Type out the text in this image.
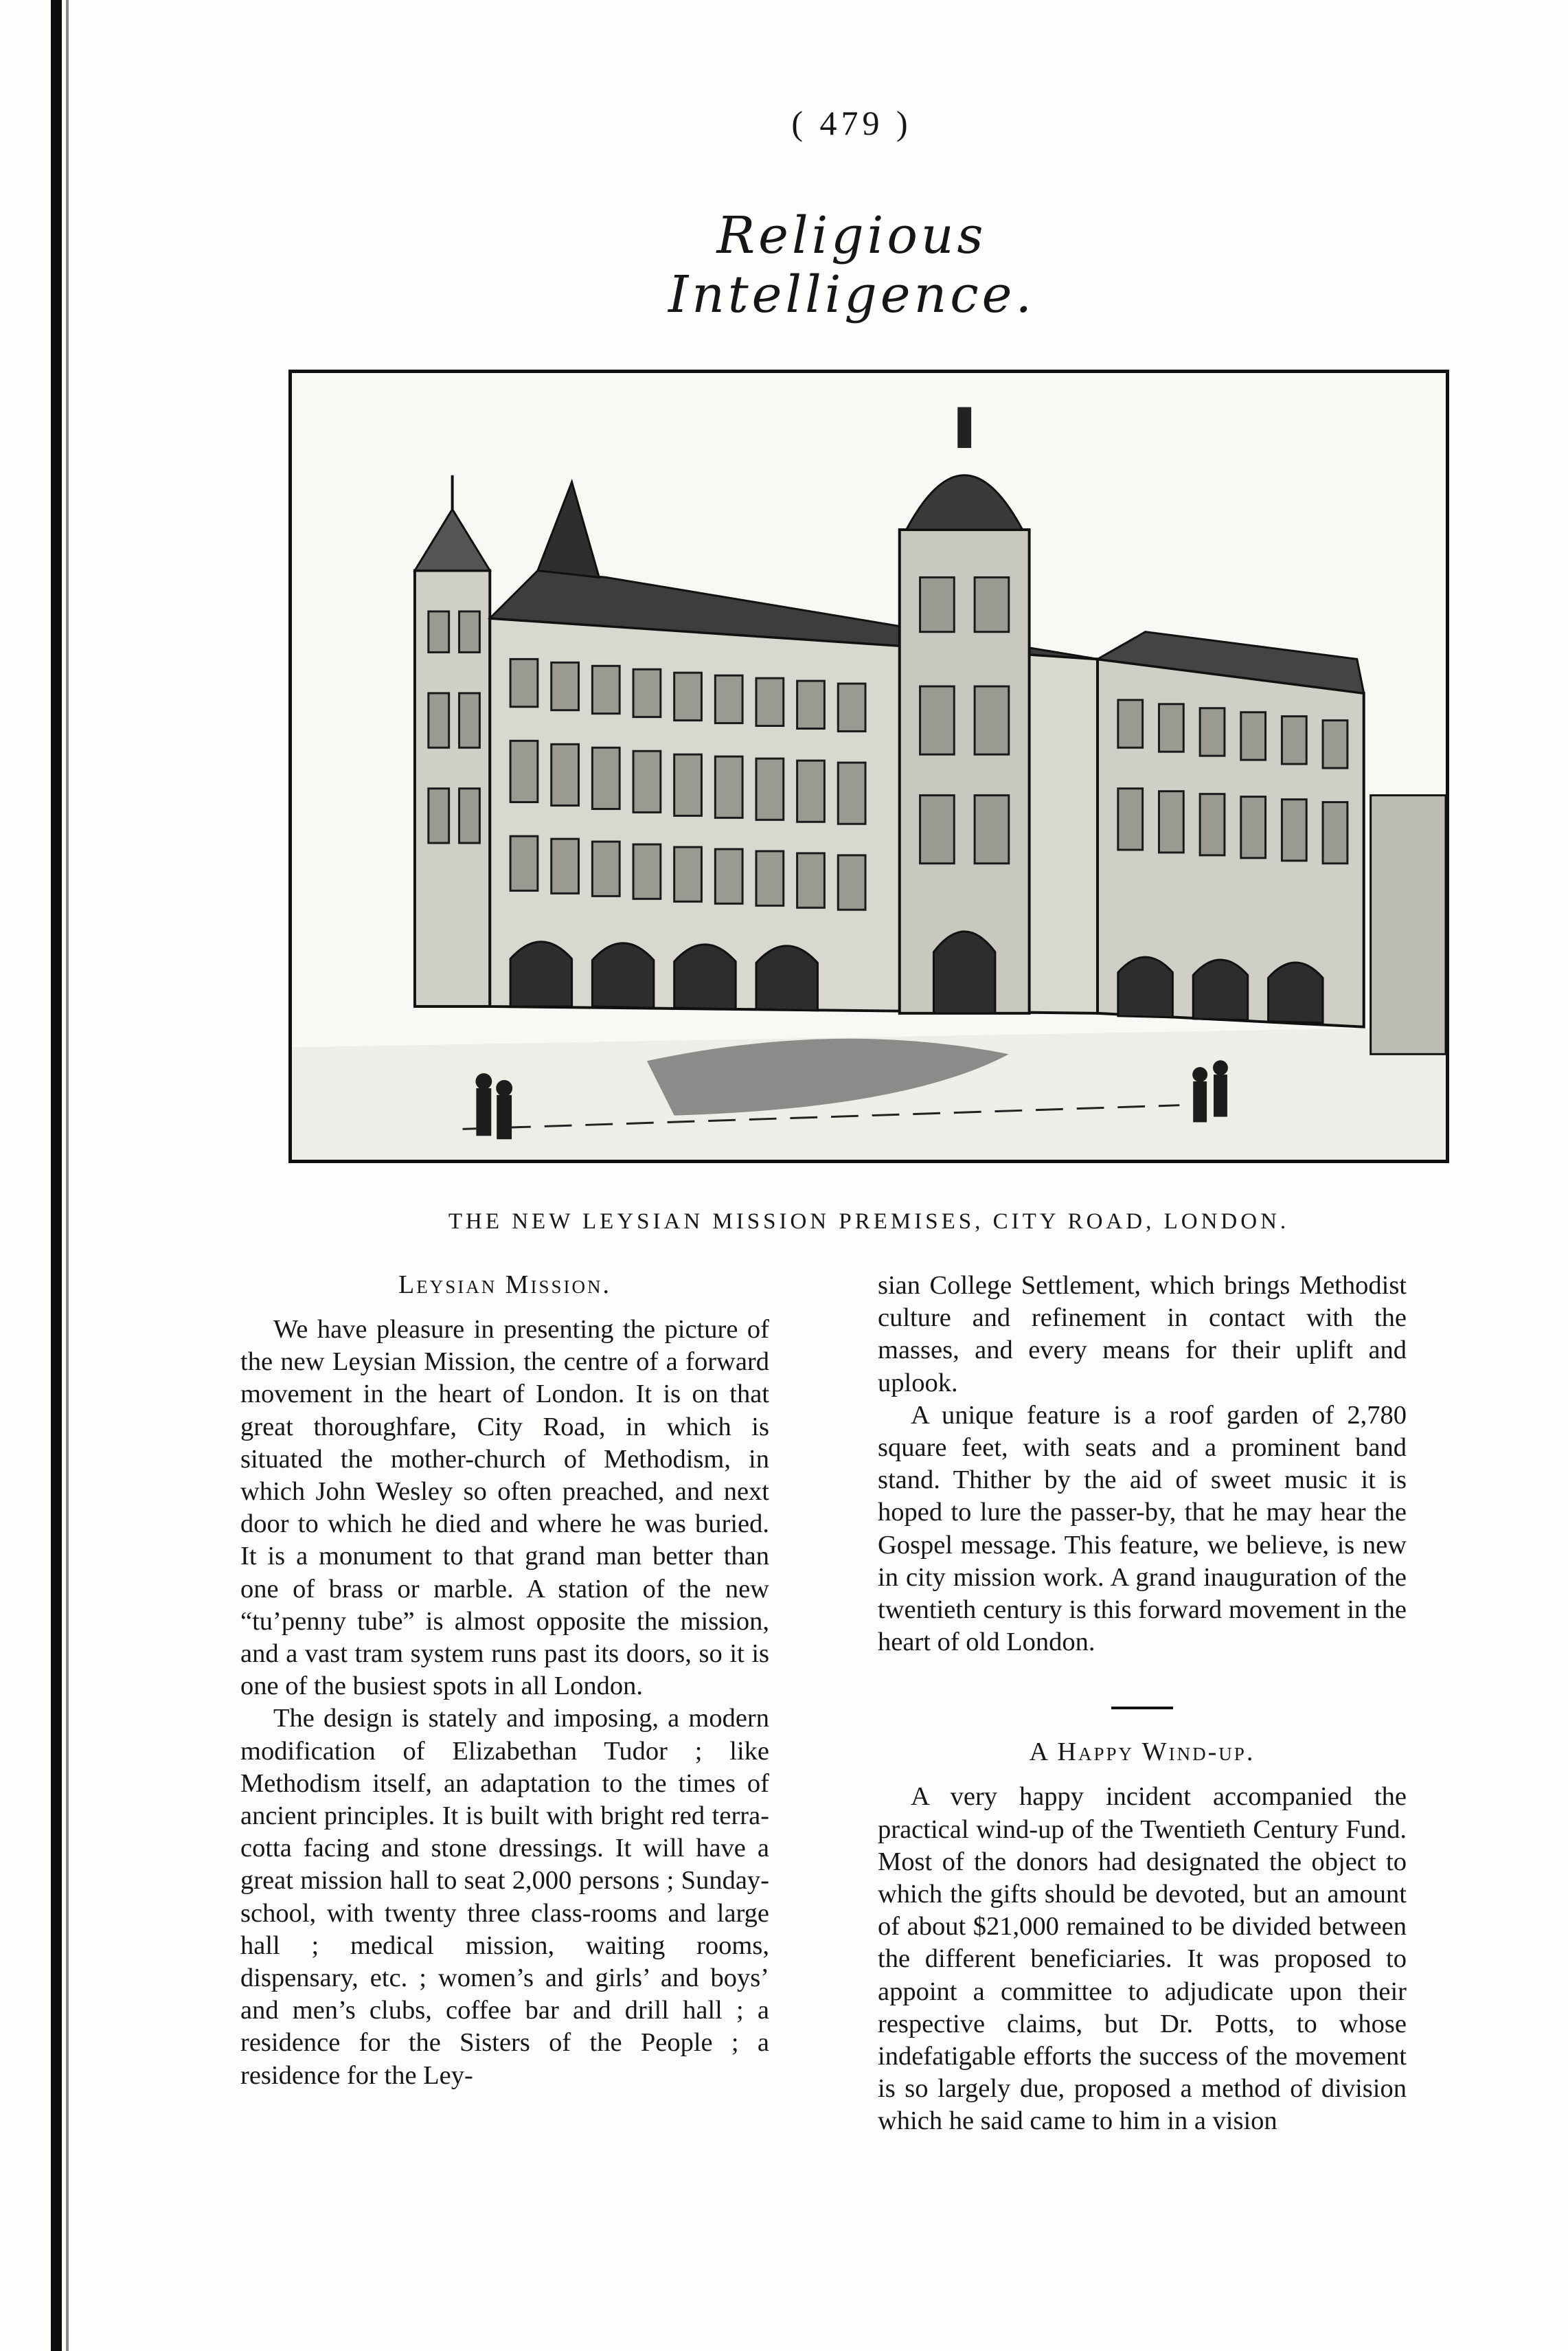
( 479 )
Religious Intelligence.
THE NEW LEYSIAN MISSION PREMISES, CITY ROAD, LONDON.
Leysian Mission.

We have pleasure in presenting the picture of the new Leysian Mission, the centre of a forward movement in the heart of London. It is on that great thoroughfare, City Road, in which is situated the mother-church of Methodism, in which John Wesley so often preached, and next door to which he died and where he was buried. It is a monument to that grand man better than one of brass or marble. A station of the new “tu’penny tube” is almost opposite the mission, and a vast tram system runs past its doors, so it is one of the busiest spots in all London.

The design is stately and imposing, a modern modification of Elizabethan Tudor ; like Methodism itself, an adaptation to the times of ancient principles. It is built with bright red terra-cotta facing and stone dressings. It will have a great mission hall to seat 2,000 persons ; Sunday-school, with twenty three class-rooms and large hall ; medical mission, waiting rooms, dispensary, etc. ; women’s and girls’ and boys’ and men’s clubs, coffee bar and drill hall ; a residence for the Sisters of the People ; a residence for the Ley-

sian College Settlement, which brings Methodist culture and refinement in contact with the masses, and every means for their uplift and uplook.

A unique feature is a roof garden of 2,780 square feet, with seats and a prominent band stand. Thither by the aid of sweet music it is hoped to lure the passer-by, that he may hear the Gospel message. This feature, we believe, is new in city mission work. A grand inauguration of the twentieth century is this forward movement in the heart of old London.

A Happy Wind-up.

A very happy incident accompanied the practical wind-up of the Twentieth Century Fund. Most of the donors had designated the object to which the gifts should be devoted, but an amount of about $21,000 remained to be divided between the different beneficiaries. It was proposed to appoint a committee to adjudicate upon their respective claims, but Dr. Potts, to whose indefatigable efforts the success of the movement is so largely due, proposed a method of division which he said came to him in a vision
